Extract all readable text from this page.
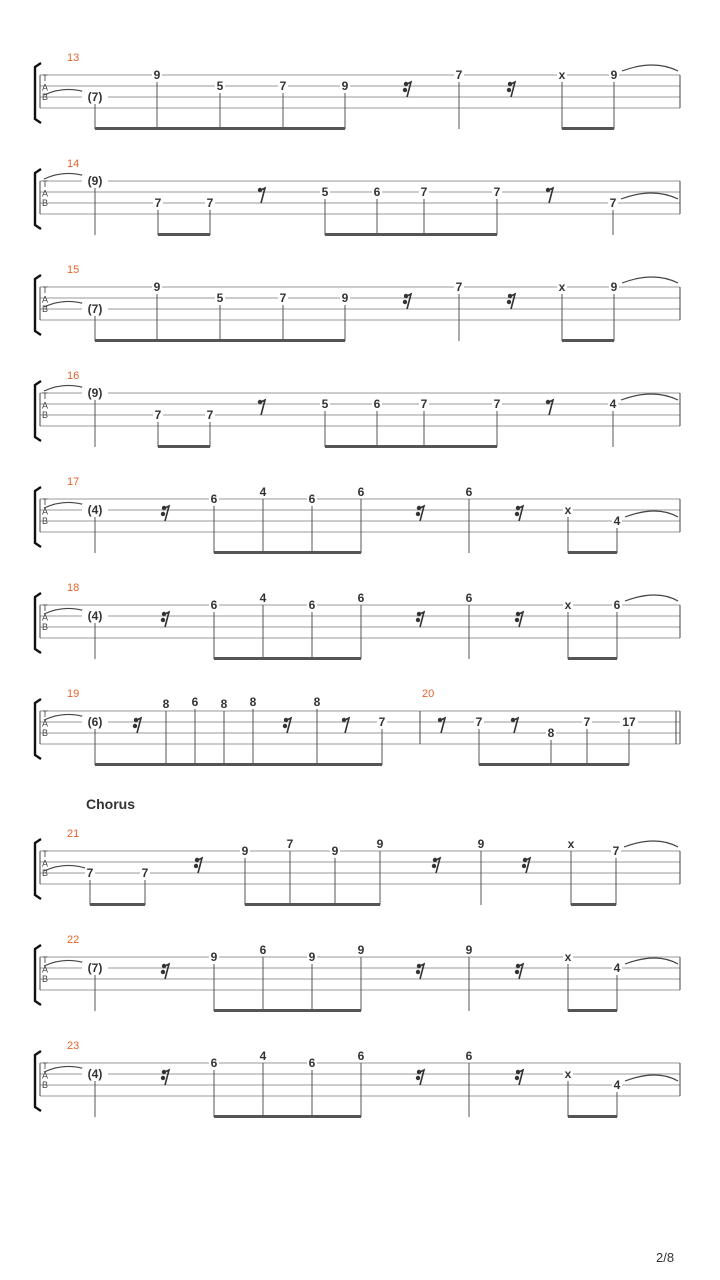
T
A
B
13
(7)
9
5	7	9
7	x	9
T
A
B
14
(9)
7	7
5	6	7	7
7
T
A
B
15
(7)
9
5	7	9
7	x	9
T
A
B
16
(9)
7	7
5	6	7	7	4
T
A
B
17
(4)
6	4	6	6	6
x
4
T
A
B
18
(4)
6	4	6	6	6	x	6
T
A
B
19
(6)
8 6 8 8	8
7
20
7
8
7	17
T
A
B
21
7	7
9	7	9	9	9	x	7
T
A
B
22
(7)
9	6	9	9	9	x
4
T
A
B
23
(4)
6	4	6	6	6
x
4
Chorus
2/8
